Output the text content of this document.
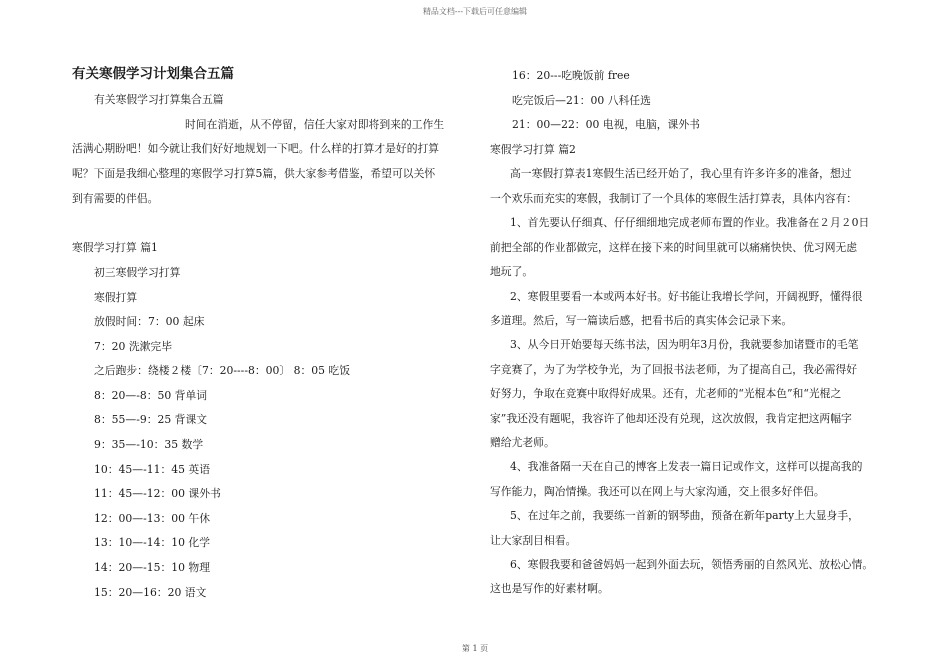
精品文档---下载后可任意编辑
有关寒假学习计划集合五篇

有关寒假学习打算集合五篇

时间在消逝，从不停留，信任大家对即将到来的工作生

活满心期盼吧！如今就让我们好好地规划一下吧。什么样的打算才是好的打算

呢？下面是我细心整理的寒假学习打算5篇，供大家参考借鉴，希望可以关怀

到有需要的伴侣。

寒假学习打算 篇1

初三寒假学习打算

寒假打算

放假时间：7：00 起床

7：20 洗漱完毕

之后跑步：绕楼２楼〔7：20----8：00〕 8：05 吃饭

8：20—-8：50 背单词

8：55—-9：25 背课文

9：35—-10：35 数学

10：45—-11：45 英语

11：45—-12：00 课外书

12：00—-13：00 午休

13：10—-14：10 化学

14：20—-15：10 物理

15：20—16：20 语文

16：20---吃晚饭前 free

吃完饭后—21：00 八科任选

21：00—22：00 电视，电脑，课外书

寒假学习打算 篇2

高一寒假打算表1寒假生活已经开始了，我心里有许多许多的准备，想过

一个欢乐而充实的寒假，我制订了一个具体的寒假生活打算表，具体内容有：

1、首先要认仔细真、仔仔细细地完成老师布置的作业。我准备在２月２0日

前把全部的作业都做完，这样在接下来的时间里就可以痛痛快快、优习网无虑

地玩了。

2、寒假里要看一本或两本好书。好书能让我增长学问，开阔视野，懂得很

多道理。然后，写一篇读后感，把看书后的真实体会记录下来。

3、从今日开始要每天练书法，因为明年3月份，我就要参加诸暨市的毛笔

字竞赛了，为了为学校争光，为了回报书法老师，为了提高自己，我必需得好

好努力，争取在竞赛中取得好成果。还有，尤老师的“光棍本色”和“光棍之

家”我还没有题呢，我容许了他却还没有兑现，这次放假，我肯定把这两幅字

赠给尤老师。

4、我准备隔一天在自己的博客上发表一篇日记或作文，这样可以提高我的

写作能力，陶冶情操。我还可以在网上与大家沟通，交上很多好伴侣。

5、在过年之前，我要练一首新的钢琴曲，预备在新年party上大显身手，

让大家刮目相看。

6、寒假我要和爸爸妈妈一起到外面去玩，领悟秀丽的自然风光、放松心情。

这也是写作的好素材啊。

第 1 页
